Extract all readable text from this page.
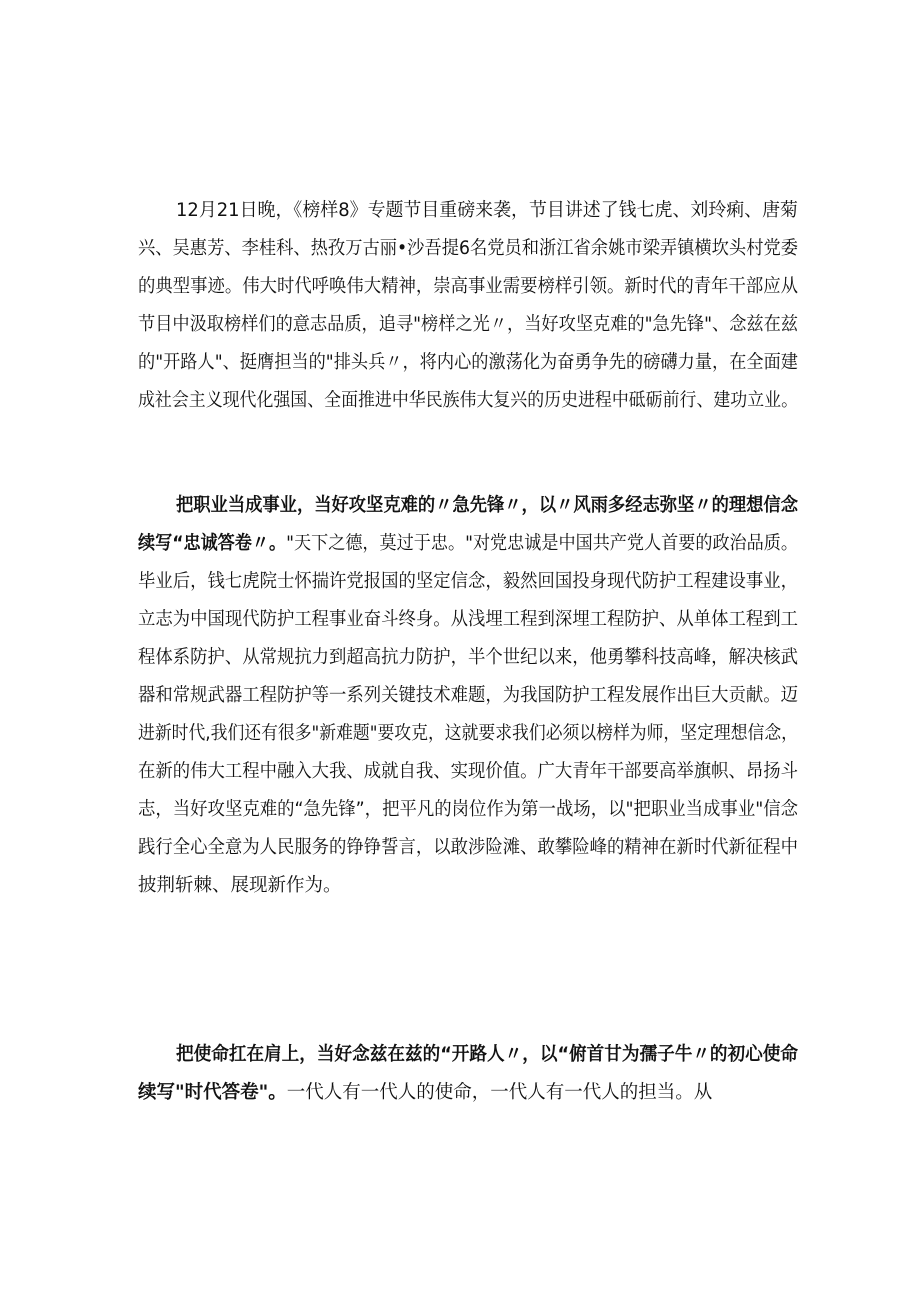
12月21日晚，《榜样8》专题节目重磅来袭，节目讲述了钱七虎、刘玲痢、唐菊
兴、吴惠芳、李桂科、热孜万古丽•沙吾提6名党员和浙江省余姚市梁弄镇横坎头村党委
的典型事迹。伟大时代呼唤伟大精神，崇高事业需要榜样引领。新时代的青年干部应从
节目中汲取榜样们的意志品质，追寻"榜样之光〃，当好攻坚克难的"急先锋"、念兹在兹
的"开路人"、挺膺担当的"排头兵〃，将内心的激荡化为奋勇争先的磅礴力量，在全面建
成社会主义现代化强国、全面推进中华民族伟大复兴的历史进程中砥砺前行、建功立业。
把职业当成事业，当好攻坚克难的〃急先锋〃，以〃风雨多经志弥坚〃的理想信念
续写“忠诚答卷〃。"天下之德，莫过于忠。"对党忠诚是中国共产党人首要的政治品质。
毕业后，钱七虎院士怀揣许党报国的坚定信念，毅然回国投身现代防护工程建设事业，
立志为中国现代防护工程事业奋斗终身。从浅埋工程到深埋工程防护、从单体工程到工
程体系防护、从常规抗力到超高抗力防护，半个世纪以来，他勇攀科技高峰，解决核武
器和常规武器工程防护等一系列关键技术难题，为我国防护工程发展作出巨大贡献。迈
进新时代,我们还有很多"新难题"要攻克，这就要求我们必须以榜样为师，坚定理想信念，
在新的伟大工程中融入大我、成就自我、实现价值。广大青年干部要高举旗帜、昂扬斗
志，当好攻坚克难的“急先锋”，把平凡的岗位作为第一战场，以"把职业当成事业"信念
践行全心全意为人民服务的铮铮誓言，以敢涉险滩、敢攀险峰的精神在新时代新征程中
披荆斩棘、展现新作为。
把使命扛在肩上，当好念兹在兹的“开路人〃，以“俯首甘为孺子牛〃的初心使命
续写"时代答卷"。一代人有一代人的使命，一代人有一代人的担当。从
